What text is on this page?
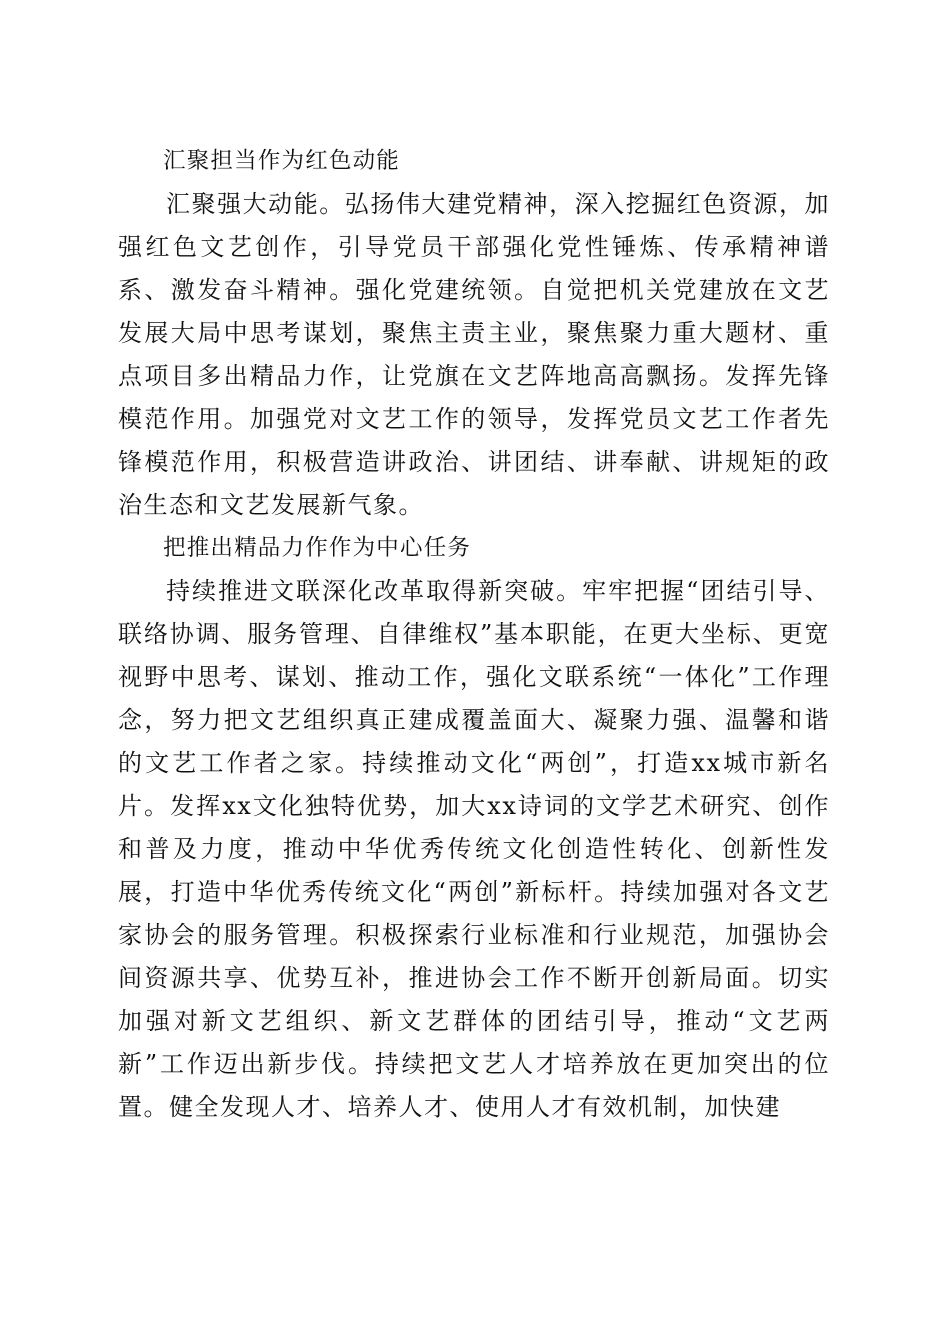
汇聚担当作为红色动能

汇聚强大动能。弘扬伟大建党精神，深入挖掘红色资源，加强红色文艺创作，引导党员干部强化党性锤炼、传承精神谱系、激发奋斗精神。强化党建统领。自觉把机关党建放在文艺发展大局中思考谋划，聚焦主责主业，聚焦聚力重大题材、重点项目多出精品力作，让党旗在文艺阵地高高飘扬。发挥先锋模范作用。加强党对文艺工作的领导，发挥党员文艺工作者先锋模范作用，积极营造讲政治、讲团结、讲奉献、讲规矩的政治生态和文艺发展新气象。

把推出精品力作作为中心任务

持续推进文联深化改革取得新突破。牢牢把握“团结引导、联络协调、服务管理、自律维权”基本职能，在更大坐标、更宽视野中思考、谋划、推动工作，强化文联系统“一体化”工作理念，努力把文艺组织真正建成覆盖面大、凝聚力强、温馨和谐的文艺工作者之家。持续推动文化“两创”，打造xx城市新名片。发挥xx文化独特优势，加大xx诗词的文学艺术研究、创作和普及力度，推动中华优秀传统文化创造性转化、创新性发展，打造中华优秀传统文化“两创”新标杆。持续加强对各文艺家协会的服务管理。积极探索行业标准和行业规范，加强协会间资源共享、优势互补，推进协会工作不断开创新局面。切实加强对新文艺组织、新文艺群体的团结引导，推动“文艺两新”工作迈出新步伐。持续把文艺人才培养放在更加突出的位置。健全发现人才、培养人才、使用人才有效机制，加快建
